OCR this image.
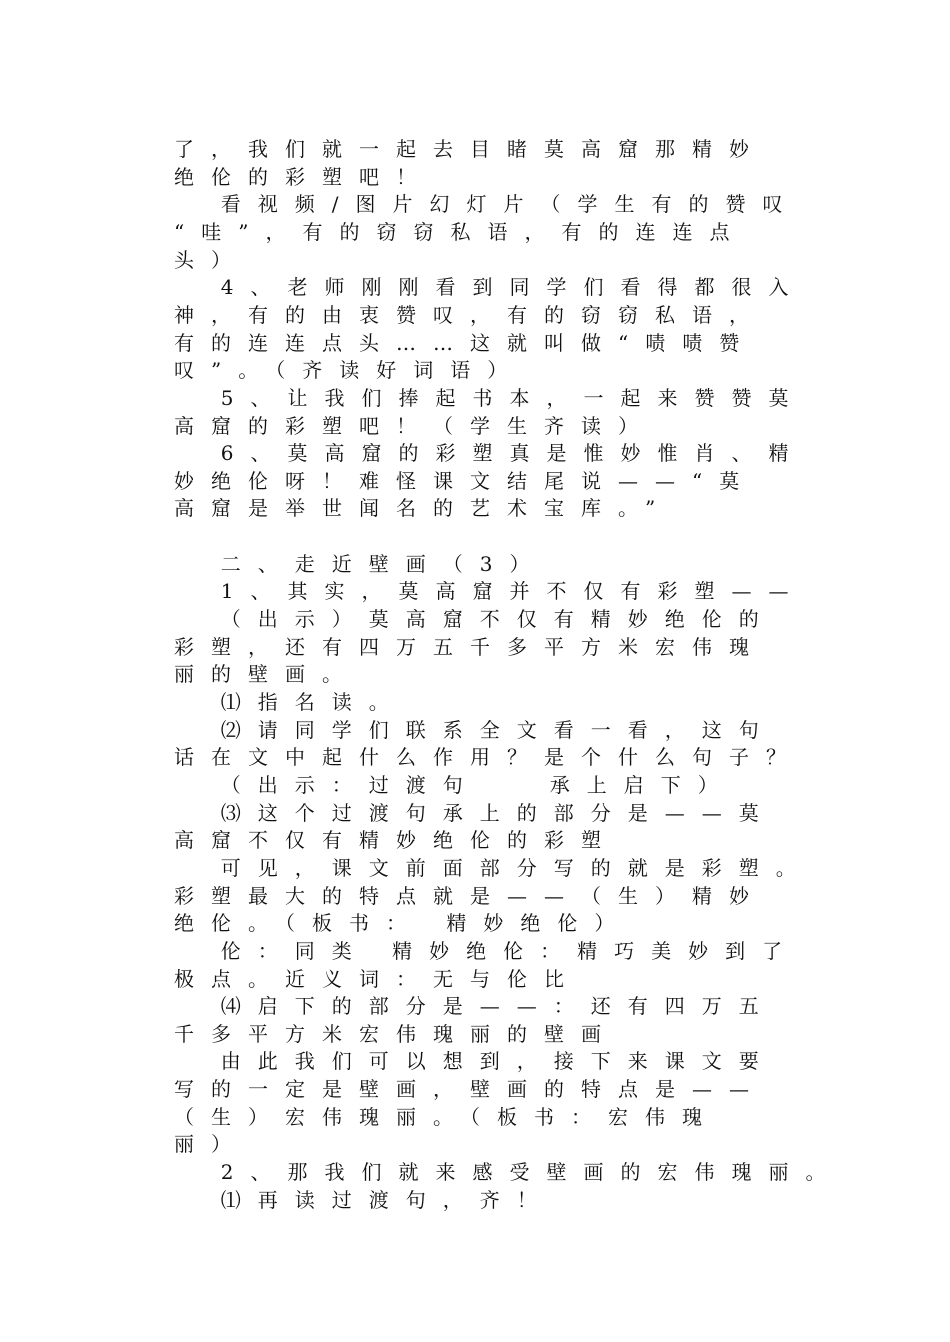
了，我们就一起去目睹莫高窟那精妙
绝伦的彩塑吧！
看视频/图片幻灯片（学生有的赞叹
“哇”，有的窃窃私语，有的连连点
头）
4、老师刚刚看到同学们看得都很入
神，有的由衷赞叹，有的窃窃私语，
有的连连点头……这就叫做“啧啧赞
叹”。（齐读好词语）
5、让我们捧起书本，一起来赞赞莫
高窟的彩塑吧！（学生齐读）
6、莫高窟的彩塑真是惟妙惟肖、精
妙绝伦呀！难怪课文结尾说——“莫
高窟是举世闻名的艺术宝库。”
二、走近壁画（3）
1、其实，莫高窟并不仅有彩塑——
（出示）莫高窟不仅有精妙绝伦的
彩塑，还有四万五千多平方米宏伟瑰
丽的壁画。
⑴指名读。
⑵请同学们联系全文看一看，这句
话在文中起什么作用？是个什么句子？
（出示：过渡句   承上启下）
⑶这个过渡句承上的部分是——莫
高窟不仅有精妙绝伦的彩塑
可见，课文前面部分写的就是彩塑。
彩塑最大的特点就是——（生）精妙
绝伦。（板书： 精妙绝伦）
伦：同类 精妙绝伦：精巧美妙到了
极点。近义词：无与伦比
⑷启下的部分是——：还有四万五
千多平方米宏伟瑰丽的壁画
由此我们可以想到，接下来课文要
写的一定是壁画，壁画的特点是——
（生）宏伟瑰丽。（板书：宏伟瑰
丽）
2、那我们就来感受壁画的宏伟瑰丽。
⑴再读过渡句，齐！
